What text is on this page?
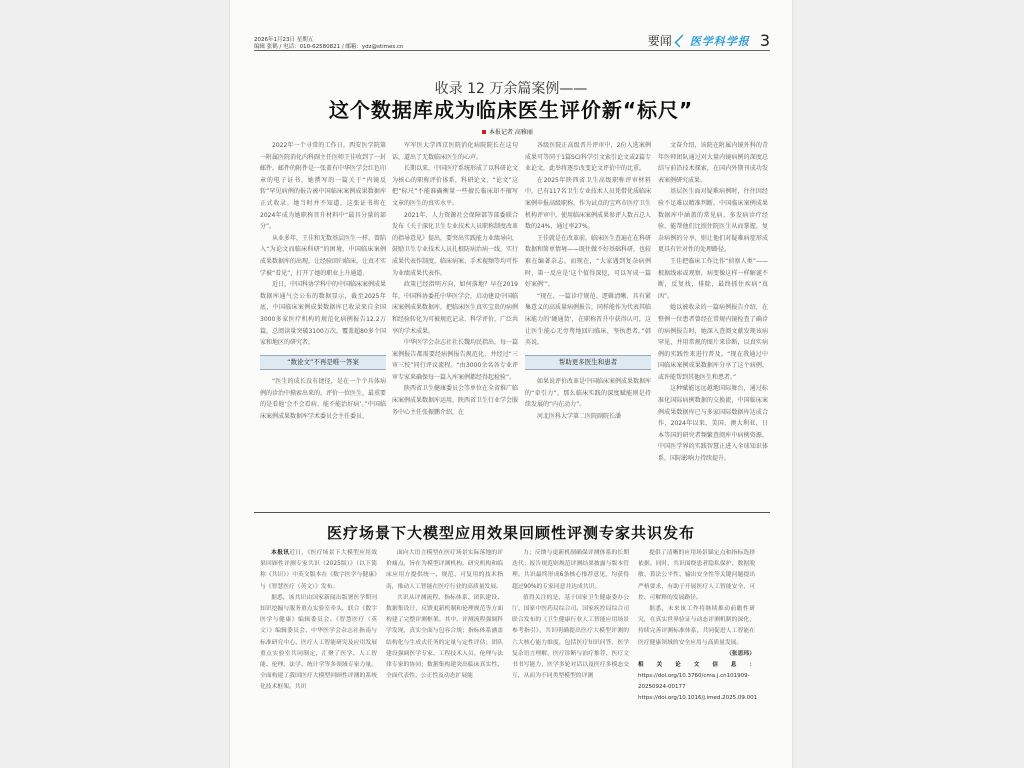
2026年1月23日 星期五
编辑 张鹤 / 电话：010-62580821 / 邮箱：ydz@stimes.cn	要闻 医学科学报 3
收录 12 万余篇案例——
这个数据库成为临床医生评价新“标尺”
本报记者 高雅丽

2022年一个寻常的工作日，西安医学院第一附属医院消化内科副主任医师王佳收到了一封邮件。邮件的附件是一张盖有中华医学会红色印章的电子证书，她撰写的一篇关于“内镜反转”罕见病例的报告被中国临床案例成果数据库正式收录。她当时并不知道，这张证书将在2024年成为她职称晋升材料中“最具分量的部分”。

从业多年，王佳和无数基层医生一样，曾陷入“为论文而临床科研”的困境，中国临床案例成果数据库的出现，让经验回归临床，让真才实学被“看见”，打开了她的职业上升通道。

近日，中国科协学科中的中国临床案例成果数据库通气会公布的数据显示，截至2025年底，中国临床案例成果数据库已收录来自全国3000多家医疗机构的规范化病例报告12.2万篇，总阅读量突破3100万次，覆盖超80多个国家和地区的研究者。

“数论文”不再是唯一答案

“医生的成长没有捷径，是在一个个具体病例的诊治中摸索出来的。评价一位医生，最重要的是看他‘会不会看病、能不能治好病’。”中国临床案例成果数据库学术委员会主任委员、

军军医大学西京医院消化病院院长在这句话，道出了无数临床医生的心声。

长期以来，中国医疗系统形成了以科研论文为核心的职称评价体系，科研论文、“论文”这把“标尺”不能准确衡量一些擅长临床却不擅写文章的医生的真实水平。

2021年，人力资源社会保障部等部委联合发布《关于深化卫生专业技术人员职称制度改革的指导意见》提出，要突出实践能力业绩导向，鼓励卫生专业技术人员扎根防病治病一线，实行成果代表作制度，临床病案、手术视频等均可作为业绩成果代表作。

政策已经指明方向，如何落地？早在2019年，中国科协委托中华医学会，启动建设中国临床案例成果数据库，把临床医生真实宝贵的病例和经验转化为可被规范记录、科学评价、广泛共享的学术成果。

中华医学会杂志社社长魏均民指出，每一篇案例报告都需要经病例报告规范化，并经过“三审三校”同行评议流程。“由3000余名各专业评审专家来确保每一篇入库案例都经得起检验”。

陕西省卫生健康委员会等单位在全省推广临床案例成果数据库运用，陕西省卫生行业学会服务中心主任张振鹏介绍，在

各级医院正高级晋升评审中，2份入选案例成果可等同于1篇SCI科学引文索引论文或2篇专业论文，此举将逐步改变论文评价中的比重。

在2025年陕西省卫生高级职称评审材料中，已有117名卫生专业技术人员凭借优质临床案例申报高级职称，作为试点的宝鸡市医疗卫生机构评审中，使用临床案例成果参评人数占总人数的24%，通过率27%。

王佳就是在改革前，临床医生查遍在在科研数据和简单情境——既往做不好基础科研，也较难在编著杂志。而现在，“大家遇到复杂病例时，第一反应是‘这个值得深挖，可以写成一篇好案例’”。

“现在，一篇诊疗规范、逻辑清晰、具有紧集意义的高质量病例报告，同样能作为代表其临床能力的‘硬通货’，在职称晋升中获得认可，这让医生能心无旁骛地回归临床，坚执患者。”韩英说。

帮助更多医生和患者

如果说评价改革是中国临床案例成果数据库的“牵引力”，那么临床实践的深度赋能则是持续发展的“内在动力”。

河北医科大学第二医院副院长潘

文奋介绍，该院在附属内镜外科的青年医师团队通过对大量内镜病例的深度总结与前沿技术探索，在国内外期刊成功发表案例研究成果。

基层医生面对疑难病例时，往往因经验不足难以精准判断。中国临床案例成果数据库中涵盖的常见病、多发病诊疗经验，能帮他们比照住院医生从而掌握，复杂病例的分享，则让他们对疑难病症形成更具有针对性的处理路径。

王佳把临床工作比作“侦察人类”——根据线索或观察，病变像这样一样解谜不断，反复找，排除，最终抓住疾病“真凶”。

她以被收录的一篇病例报告介绍，在整例一位患者曾经在常规内镜检查了确诊的病例报告时，她深入查阅文献发现该病罕见，并用常规的图片来诊断，以真实病例的实践性来进行普及。“现在我通过中国临床案例成果数据库分享了这个病例，或许能帮到其他医生和患者。”

这种赋能远远越地国际舞台，通过标准化国际病例数据的交换流，中国临床案例成果数据库已与多家国际数据库达成合作，2024年以来，美国、澳大利亚、日本等国的研究者频繁查阅库中病例资源，中国医学界的实践智慧正进入全球知识体系，国际影响力持续提升。

医疗场景下大模型应用效果回顾性评测专家共识发布

本报讯近日，《医疗场景下大模型应用效果回顾性评测专家共识（2025版）》（以下简称《共识》）中英文版本在《数字医学与健康》与《智慧医疗（英文）》发布。

据悉，该共识由国家新闻出版署医学期刊知识挖掘与服务重点实验室牵头，联合《数字医学与健康》编辑委员会、《智慧医疗（英文）》编辑委员会、中华医学会杂志社指南与标准研究中心、医疗人工智能研究及应用发展重点实验室共同制定，汇聚了医学、人工智能、伦理、法学、统计学等多领域专家力量。全面构建了我国医疗大模型回顾性评测的系统化技术框架。共识

面向大语言模型在医疗场景实际落地的评价痛点，旨在为模型评测机构、研究机构和临床应用方提供统一、规范、可复用的技术指南，推动人工智能在医疗行业的高质量发展。

共识从评测流程、指标体系、团队建设、数据集设计，反馈更新机制和伦理规范等方面构建了完整评测框架。其中，评测流程强调科学发现，真实全面与包容合规；指标体系涵盖结构化与生成式任务的定量与定性评估；团队建设强调医学专家、工程技术人员、伦理与法律专家的协同；数据集构建突出临床真实性、全面代表性、公正性及动态扩展能

力；反馈与更新机制确保评测体系的长期迭代；报告规范则规范评测结果披露与版本管理。共识最终形成6条核心推荐意见，均获得超过90%的专家同意并达成共识。

值得关注的是，基于国家卫生健康委办公厅、国家中医药局综合司、国家疾控局综合司联合发布的《卫生健康行业人工智能应用场景参考指引》，共识明确提出医疗大模型评测的六大核心能力维度，包括医疗知识问答、医学复杂语言理解、医疗诊断与治疗推荐、医疗文书书写能力、医学多轮对话以及医疗多模态交互，从而为不同类型模型的评测

提供了清晰的应用场景锚定点和指标选择依据。同时，共识围绕患者隐私保护、数据脱敏、算法公平性、输出安全性等关键问题提出严格要求，有助于开展医疗人工智能安全、可控、可解释的发展路径。

据悉，未来该工作将继续推动前瞻性研究，在真实世界验证与动态评测机制的深化，持续完善评测标准体系，共同促进人工智能在医疗健康领域的安全应用与高质量发展。

（张思玮）
相关论文信息：https://doi.org/10.3760/cma.j.cn101909-20250924-00177 https://doi.org/10.1016/j.imed.2025.09.001
